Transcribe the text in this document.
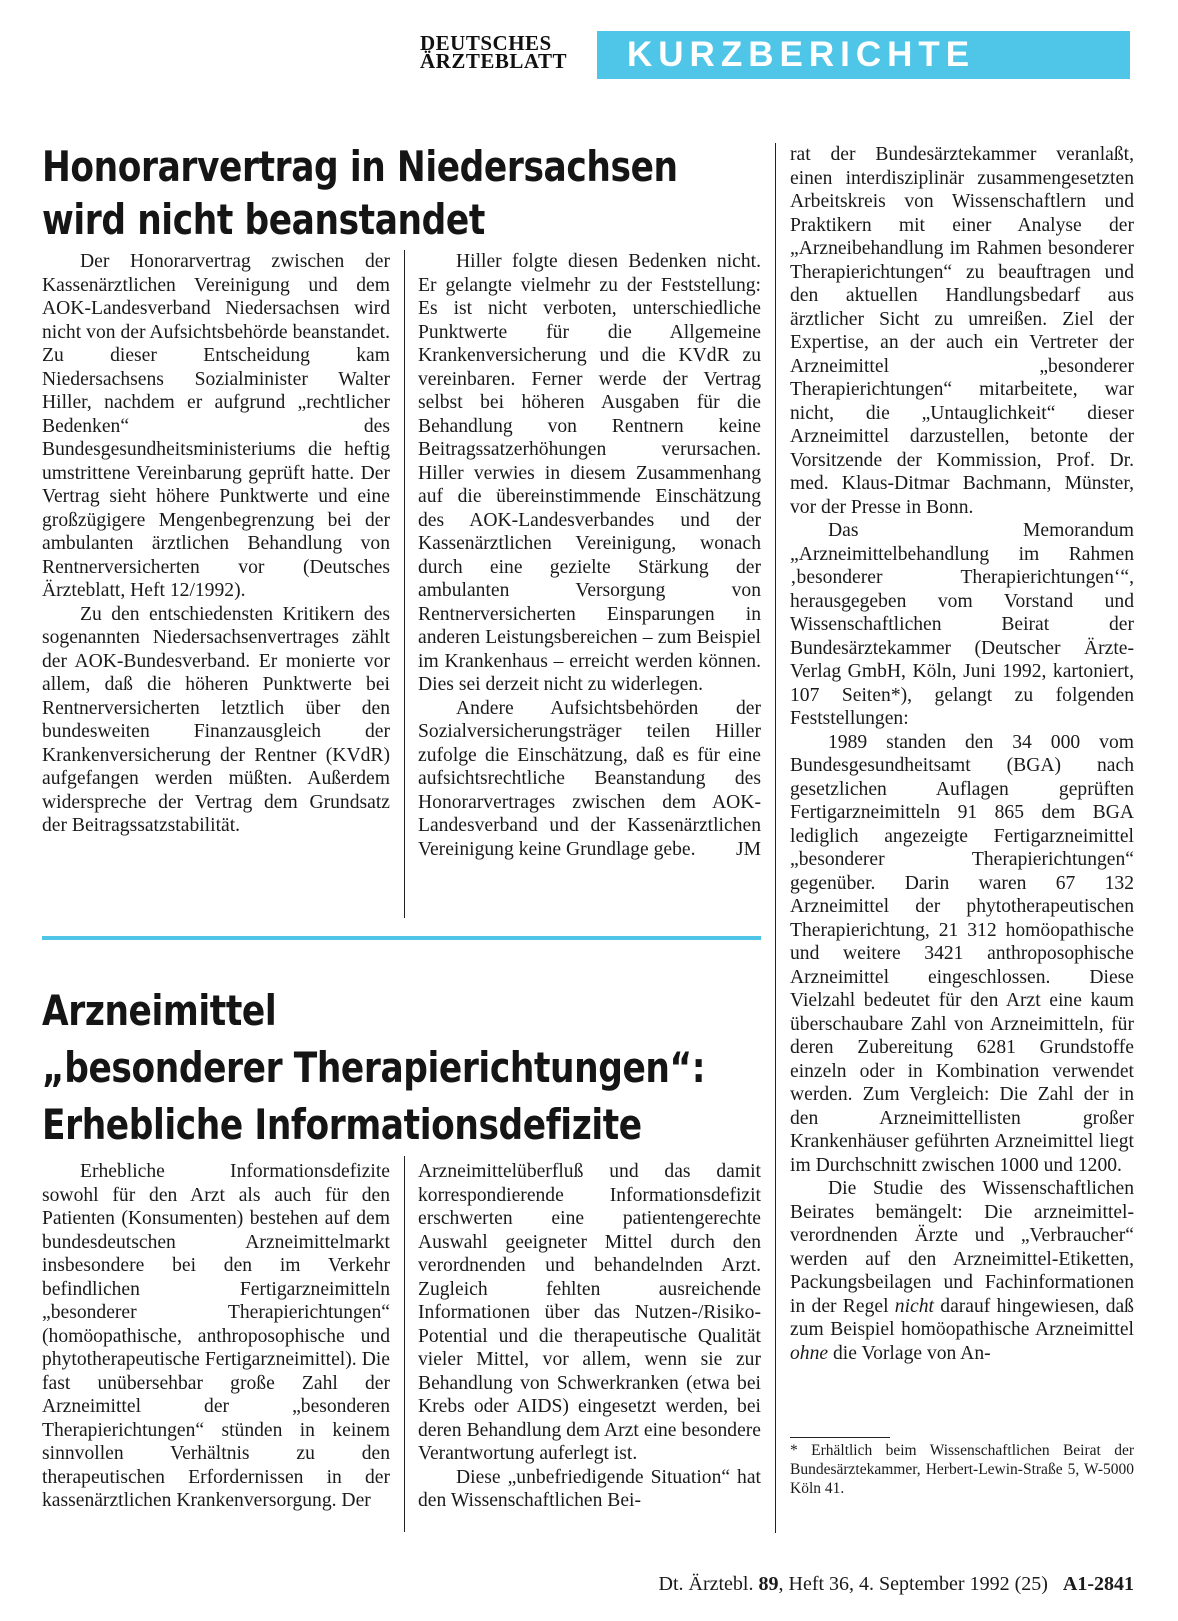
DEUTSCHES
ÄRZTEBLATT	KURZBERICHTE
Honorarvertrag in Niedersachsen
wird nicht beanstandet

Der Honorarvertrag zwischen der Kassenärztlichen Vereinigung und dem AOK-Landesverband Niedersachsen wird nicht von der Aufsichtsbehörde beanstandet. Zu dieser Entscheidung kam Niedersachsens Sozialminister Walter Hiller, nachdem er aufgrund „rechtlicher Bedenken“ des Bundesgesundheitsministeriums die heftig umstrittene Vereinbarung geprüft hatte. Der Vertrag sieht höhere Punktwerte und eine großzügigere Mengenbegrenzung bei der ambulanten ärztlichen Behandlung von Rentnerversicherten vor (Deutsches Ärzteblatt, Heft 12/1992).

Zu den entschiedensten Kritikern des sogenannten Niedersachsenvertrages zählt der AOK-Bundesverband. Er monierte vor allem, daß die höheren Punktwerte bei Rentnerversicherten letztlich über den bundesweiten Finanzausgleich der Krankenversicherung der Rentner (KVdR) aufgefangen werden müßten. Außerdem widerspreche der Vertrag dem Grundsatz der Beitragssatzstabilität.

Hiller folgte diesen Bedenken nicht. Er gelangte vielmehr zu der Feststellung: Es ist nicht verboten, unterschiedliche Punktwerte für die Allgemeine Krankenversicherung und die KVdR zu vereinbaren. Ferner werde der Vertrag selbst bei höheren Ausgaben für die Behandlung von Rentnern keine Beitragssatzerhöhungen verursachen. Hiller verwies in diesem Zusammenhang auf die übereinstimmende Einschätzung des AOK-Landesverbandes und der Kassenärztlichen Vereinigung, wonach durch eine gezielte Stärkung der ambulanten Versorgung von Rentnerversicherten Einsparungen in anderen Leistungsbereichen – zum Beispiel im Krankenhaus – erreicht werden können. Dies sei derzeit nicht zu widerlegen.

Andere Aufsichtsbehörden der Sozialversicherungsträger teilen Hiller zufolge die Einschätzung, daß es für eine aufsichtsrechtliche Beanstandung des Honorarvertrages zwischen dem AOK-Landesverband und der Kassenärztlichen Vereinigung keine Grundlage gebe.	JM

Arzneimittel
„besonderer Therapierichtungen“:
Erhebliche Informationsdefizite

Erhebliche Informationsdefizite sowohl für den Arzt als auch für den Patienten (Konsumenten) bestehen auf dem bundesdeutschen Arzneimittelmarkt insbesondere bei den im Verkehr befindlichen Fertigarzneimitteln „besonderer Therapierichtungen“ (homöopathische, anthroposophische und phytotherapeutische Fertigarzneimittel). Die fast unübersehbar große Zahl der Arzneimittel der „besonderen Therapierichtungen“ stünden in keinem sinnvollen Verhältnis zu den therapeutischen Erfordernissen in der kassenärztlichen Krankenversorgung. Der

Arzneimittelüberfluß und das damit korrespondierende Informationsdefizit erschwerten eine patientengerechte Auswahl geeigneter Mittel durch den verordnenden und behandelnden Arzt. Zugleich fehlten ausreichende Informationen über das Nutzen-/Risiko-Potential und die therapeutische Qualität vieler Mittel, vor allem, wenn sie zur Behandlung von Schwerkranken (etwa bei Krebs oder AIDS) eingesetzt werden, bei deren Behandlung dem Arzt eine besondere Verantwortung auferlegt ist.

Diese „unbefriedigende Situation“ hat den Wissenschaftlichen Bei-

rat der Bundesärztekammer veranlaßt, einen interdisziplinär zusammengesetzten Arbeitskreis von Wissenschaftlern und Praktikern mit einer Analyse der „Arzneibehandlung im Rahmen besonderer Therapierichtungen“ zu beauftragen und den aktuellen Handlungsbedarf aus ärztlicher Sicht zu umreißen. Ziel der Expertise, an der auch ein Vertreter der Arzneimittel „besonderer Therapierichtungen“ mitarbeitete, war nicht, die „Untauglichkeit“ dieser Arzneimittel darzustellen, betonte der Vorsitzende der Kommission, Prof. Dr. med. Klaus-Ditmar Bachmann, Münster, vor der Presse in Bonn.

Das Memorandum „Arzneimittelbehandlung im Rahmen ‚besonderer Therapierichtungen‘“, herausgegeben vom Vorstand und Wissenschaftlichen Beirat der Bundesärztekammer (Deutscher Ärzte-Verlag GmbH, Köln, Juni 1992, kartoniert, 107 Seiten*), gelangt zu folgenden Feststellungen:

1989 standen den 34 000 vom Bundesgesundheitsamt (BGA) nach gesetzlichen Auflagen geprüften Fertigarzneimitteln 91 865 dem BGA lediglich angezeigte Fertigarzneimittel „besonderer Therapierichtungen“ gegenüber. Darin waren 67 132 Arzneimittel der phytotherapeutischen Therapierichtung, 21 312 homöopathische und weitere 3421 anthroposophische Arzneimittel eingeschlossen. Diese Vielzahl bedeutet für den Arzt eine kaum überschaubare Zahl von Arzneimitteln, für deren Zubereitung 6281 Grundstoffe einzeln oder in Kombination verwendet werden. Zum Vergleich: Die Zahl der in den Arzneimittellisten großer Krankenhäuser geführten Arzneimittel liegt im Durchschnitt zwischen 1000 und 1200.

Die Studie des Wissenschaftlichen Beirates bemängelt: Die arzneimittel-verordnenden Ärzte und „Verbraucher“ werden auf den Arzneimittel-Etiketten, Packungsbeilagen und Fachinformationen in der Regel nicht darauf hingewiesen, daß zum Beispiel homöopathische Arzneimittel ohne die Vorlage von An-

* Erhältlich beim Wissenschaftlichen Beirat der Bundesärztekammer, Herbert-Lewin-Straße 5, W-5000 Köln 41.
Dt. Ärztebl. 89, Heft 36, 4. September 1992 (25) A1-2841
